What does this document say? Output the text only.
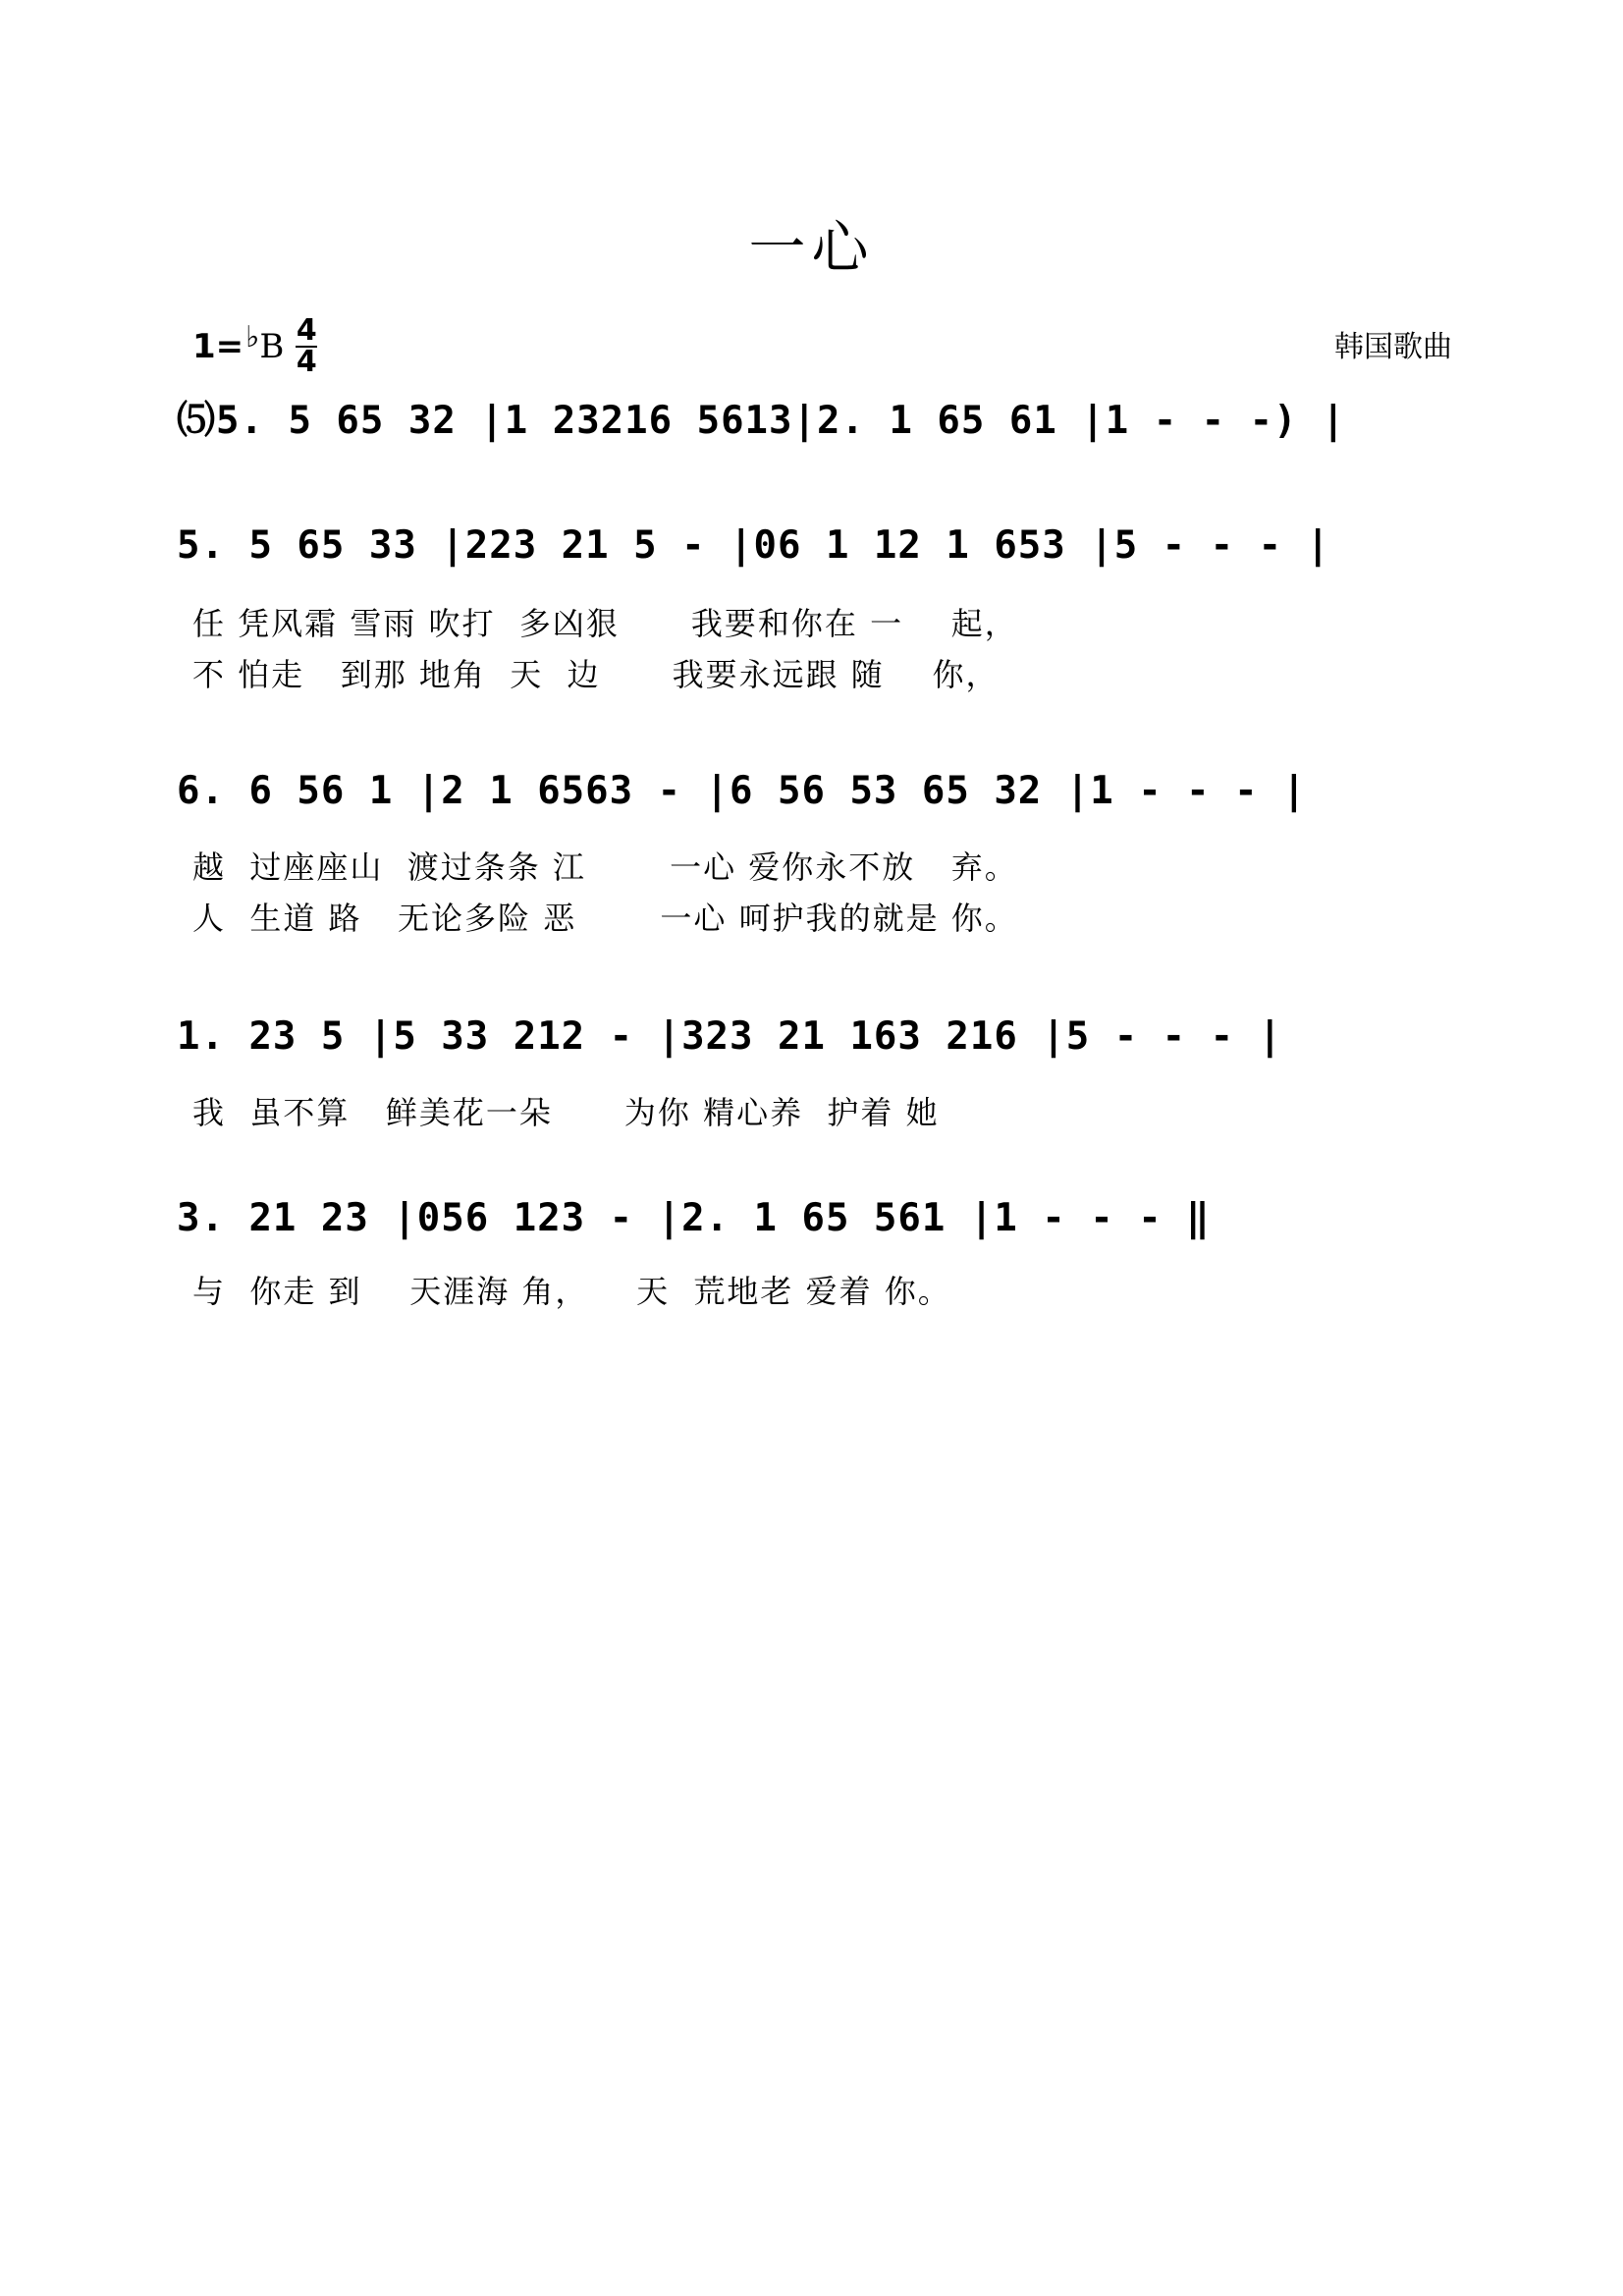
一心
1= ♭ B 4
4	韩国歌曲
⑸5. 5 65 32 |1 23216 5613|2. 1 65 61 |1 - - -) |
5. 5 65 33 |223 21 5 - |06 1 12 1 653 |5 - - - |
任 凭风霜 雪雨 吹打  多凶狠      我要和你在 一    起，
不 怕走   到那 地角  天  边      我要永远跟 随    你，
6. 6 56 1 |2 1 6563 - |6 56 53 65 32 |1 - - - |
越  过座座山  渡过条条 江       一心 爱你永不放   弃。
人  生道 路   无论多险 恶       一心 呵护我的就是 你。
1. 23 5 |5 33 212 - |323 21 163 216 |5 - - - |
我  虽不算   鲜美花一朵      为你 精心养  护着 她
3. 21 23 |056 123 - |2. 1 65 561 |1 - - - ‖
与  你走 到    天涯海 角，    天  荒地老 爱着 你。
